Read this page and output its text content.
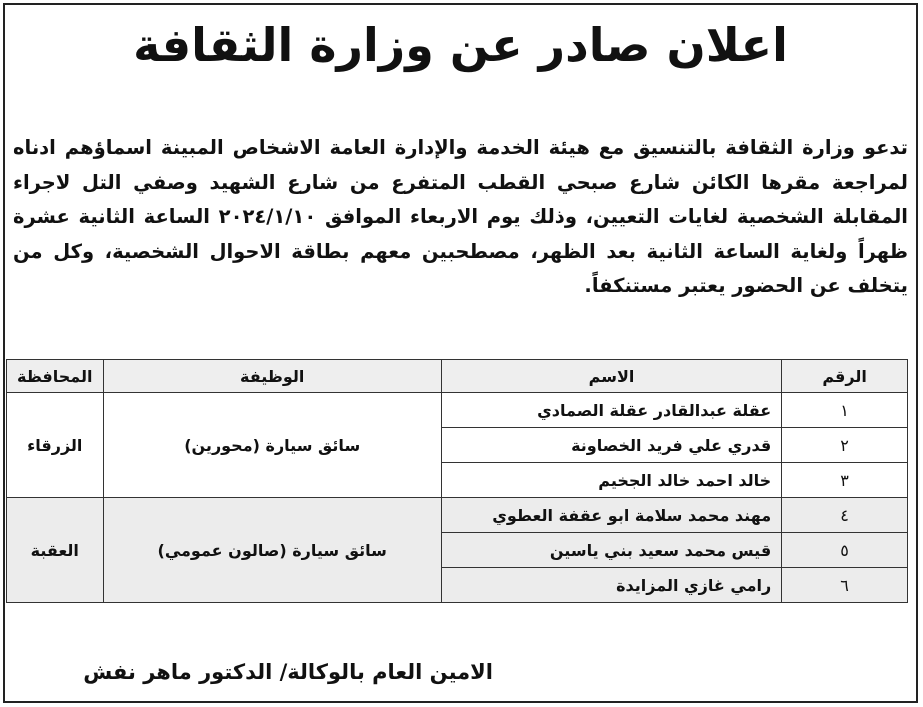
اعلان صادر عن وزارة الثقافة
تدعو وزارة الثقافة بالتنسيق مع هيئة الخدمة والإدارة العامة الاشخاص المبينة اسماؤهم ادناه لمراجعة مقرها الكائن شارع صبحي القطب المتفرع من شارع الشهيد وصفي التل لاجراء المقابلة الشخصية لغايات التعيين، وذلك يوم الاربعاء الموافق ٢٠٢٤/١/١٠ الساعة الثانية عشرة ظهراً ولغاية الساعة الثانية بعد الظهر، مصطحبين معهم بطاقة الاحوال الشخصية، وكل من يتخلف عن الحضور يعتبر مستنكفاً.
الرقم	الاسم	الوظيفة	المحافظة
١	عقلة عبدالقادر عقلة الصمادي	سائق سيارة (محورين)	الزرقاء
٢	قدري علي فريد الخصاونة		
٣	خالد احمد خالد الجخيم		
٤	مهند محمد سلامة ابو عقفة العطوي	سائق سيارة (صالون عمومي)	العقبة
٥	قيس محمد سعيد بني ياسين		
٦	رامي غازي المزايدة		
الامين العام بالوكالة/ الدكتور ماهر نفش
